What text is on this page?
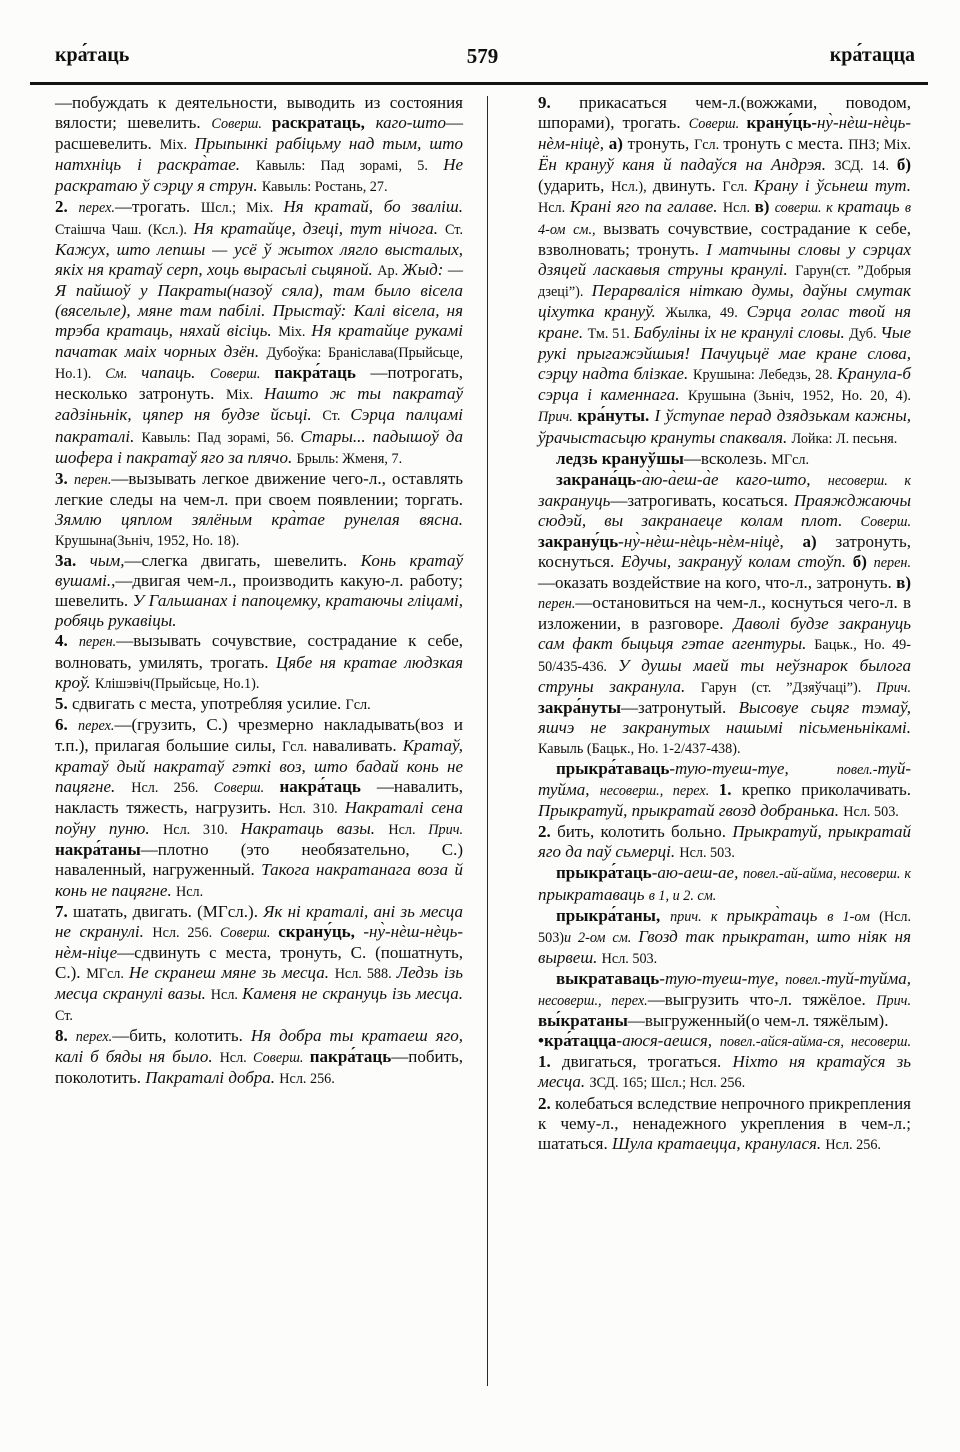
кра́таць	579	кра́тацца

—побуждать к деятельности, выводить из состояния вялости; шевелить. Соверш. раскратаць, каго-што—расшевелить. Міх. Прыпынкі рабіцьму над тым, што натхніць і раскра̀тае. Кавыль: Пад зорамі, 5. Не раскратаю ў сэрцу я струн. Кавыль: Ростань, 27.

2. перех.—трогать. Шсл.; Міх. Ня кратай, бо зваліш. Стаішча Чаш. (Ксл.). Ня кратайце, дзеці, тут нічога. Ст. Кажух, што лепшы — усё ў жытох лягло высталых, якіх ня кратаў серп, хоць вырасьлі сьцяной. Ар. Жыд: — Я пайшоў у Пакраты(назоў сяла), там было вісела (вясельле), мяне там пабілі. Прыстаў: Калі вісела, ня трэба кратаць, няхай вісіць. Міх. Ня кратайце рукамі пачатак маіх чорных дзён. Дубоўка: Браніслава(Прыйсьце, Но.1). См. чапаць. Соверш. пакра́таць —потрогать, несколько затронуть. Міх. Нашто ж ты пакратаў гадзіньнік, цяпер ня будзе йсьці. Ст. Сэрца палцамі пакраталі. Кавыль: Пад зорамі, 56. Стары... падышоў да шофера і пакратаў яго за плячо. Брыль: Жменя, 7.

3. перен.—вызывать легкое движение чего-л., оставлять легкие следы на чем-л. при своем появлении; торгать. Зямлю цяплом зялёным кра̀тае рунелая вясна. Крушына(Зьніч, 1952, Но. 18).

3а. чым,—слегка двигать, шевелить. Конь кратаў вушамі.,—двигая чем-л., производить какую-л. работу; шевелить. У Гальшанах і папоцемку, кратаючы гліцамі, робяць рукавіцы.

4. перен.—вызывать сочувствие, сострадание к себе, волновать, умилять, трогать. Цябе ня кратае людзкая кроў. Клішэвіч(Прыйсьце, Но.1).

5. сдвигать с места, употребляя усилие. Гсл.

6. перех.—(грузить, С.) чрезмерно накладывать(воз и т.п.), прилагая большие силы, Гсл. наваливать. Кратаў, кратаў дый накратаў гэткі воз, што бадай конь не пацягне. Нсл. 256. Соверш. накра́таць —навалить, накласть тяжесть, нагрузить. Нсл. 310. Накраталі сена поўну пуню. Нсл. 310. Накратаць вазы. Нсл. Прич. накра́таны—плотно (это необязательно, С.) наваленный, нагруженный. Такога накратанага воза й конь не пацягне. Нсл.

7. шатать, двигать. (МГсл.). Як ні краталі, ані зь месца не скранулі. Нсл. 256. Соверш. скрану́ць, -ну̀-нѐш-нѐць-нѐм-ніце—сдвинуть с места, тронуть, С. (пошатнуть, С.). МГсл. Не скранеш мяне зь месца. Нсл. 588. Ледзь ізь месца скранулі вазы. Нсл. Каменя не скрануць ізь месца. Ст.

8. перех.—бить, колотить. Ня добра ты кратаеш яго, калі б бяды ня было. Нсл. Соверш. пакра́таць—побить, поколотить. Пакраталі добра. Нсл. 256.

9. прикасаться чем-л.(вожжами, поводом, шпорами), трогать. Соверш. крану́ць-ну̀-нѐш-нѐць-нѐм-ніцѐ, а) тронуть, Гсл. тронуть с места. ПНЗ; Міх. Ён крануў каня й падаўся на Андрэя. ЗСД. 14. б) (ударить, Нсл.), двинуть. Гсл. Крану і ўсьнеш тут. Нсл. Крані яго па галаве. Нсл. в) соверш. к кратаць в 4-ом см., вызвать сочувствие, сострадание к себе, взволновать; тронуть. І матчыны словы у сэрцах дзяцей ласкавыя струны кранулі. Гарун(ст. ”Добрыя дзеці”). Перарваліся ніткаю думы, даўны смутак ціхутка крануў. Жылка, 49. Сэрца голас твой ня кране. Тм. 51. Бабуліны іх не кранулі словы. Дуб. Чые рукі прыгажэйшыя! Пачуцьцё мае кране слова, сэрцу надта блізкае. Крушына: Лебедзь, 28. Кранула-б сэрца і каменнага. Крушына (Зьніч, 1952, Но. 20, 4). Прич. кра́нуты. І ўступае перад дзядзькам кажны, ўрачыстасьцю крануты спакваля. Лойка: Л. песьня.

ледзь крануўшы—всколезь. МГсл.

закрана́ць-а̀ю-а̀еш-а̀е каго-што, несоверш. к закрануць—затрогивать, косаться. Праяжджаючы сюдэй, вы закранаеце колам плот. Соверш. закрану́ць-ну̀-нѐш-нѐць-нѐм-ніцѐ, а) затронуть, коснуться. Едучы, закрануў колам стоўп. б) перен. —оказать воздействие на кого, что-л., затронуть. в) перен.—остановиться на чем-л., коснуться чего-л. в изложении, в разговоре. Даволі будзе закрануць сам факт быцьця гэтае агентуры. Бацьк., Но. 49-50/435-436. У душы маей ты неўзнарок былога струны закранула. Гарун (ст. ”Дзяўчаці”). Прич. закра́нуты—затронутый. Высовуе сьцяг тэмаў, яшчэ не закранутых нашымі пісьменьнікамі. Кавыль (Бацьк., Но. 1-2/437-438).

прыкра́таваць-тую-туеш-туе, повел.-туй-туйма, несоверш., перех. 1. крепко приколачивать. Прыкратуй, прыкратай гвозд добранька. Нсл. 503.

2. бить, колотить больно. Прыкратуй, прыкратай яго да паў сьмерці. Нсл. 503.

прыкра́таць-аю-аеш-ае, повел.-ай-айма, несоверш. к прыкратаваць в 1, и 2. см.

прыкра́таны, прич. к прыкра̀таць в 1-ом (Нсл. 503)и 2-ом см. Гвозд так прыкратан, што ніяк ня вырвеш. Нсл. 503.

выкратаваць-тую-туеш-туе, повел.-туй-туйма, несоверш., перех.—выгрузить что-л. тяжёлое. Прич. вы́кратаны—выгруженный(о чем-л. тяжёлым).

•кра́тацца-аюся-аешся, повел.-айся-айма-ся, несоверш. 1. двигаться, трогаться. Ніхто ня кратаўся зь месца. ЗСД. 165; Шсл.; Нсл. 256.

2. колебаться вследствие непрочного прикрепления к чему-л., ненадежного укрепления в чем-л.; шататься. Шула кратаецца, кранулася. Нсл. 256.
